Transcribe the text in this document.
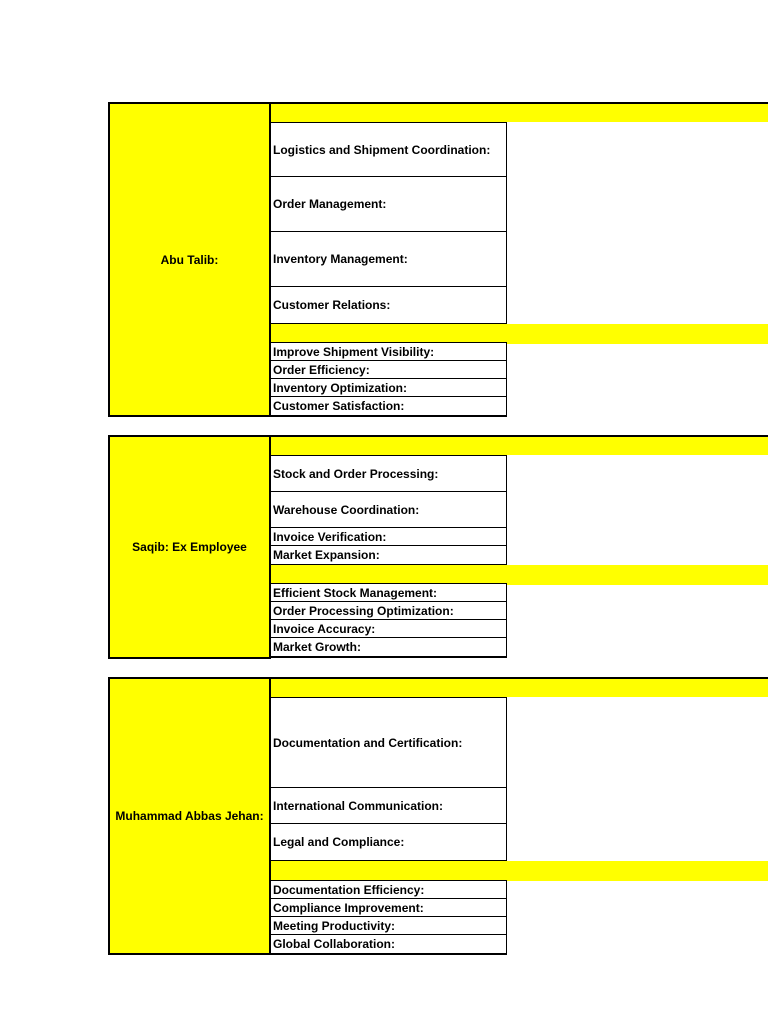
Abu Talib:
Logistics and Shipment Coordination:
Order Management:
Inventory Management:
Customer Relations:
Improve Shipment Visibility:
Order Efficiency:
Inventory Optimization:
Customer Satisfaction:
Saqib: Ex Employee
Stock and Order Processing:
Warehouse Coordination:
Invoice Verification:
Market Expansion:
Efficient Stock Management:
Order Processing Optimization:
Invoice Accuracy:
Market Growth:
Muhammad Abbas Jehan:
Documentation and Certification:
International Communication:
Legal and Compliance:
Documentation Efficiency:
Compliance Improvement:
Meeting Productivity:
Global Collaboration:
